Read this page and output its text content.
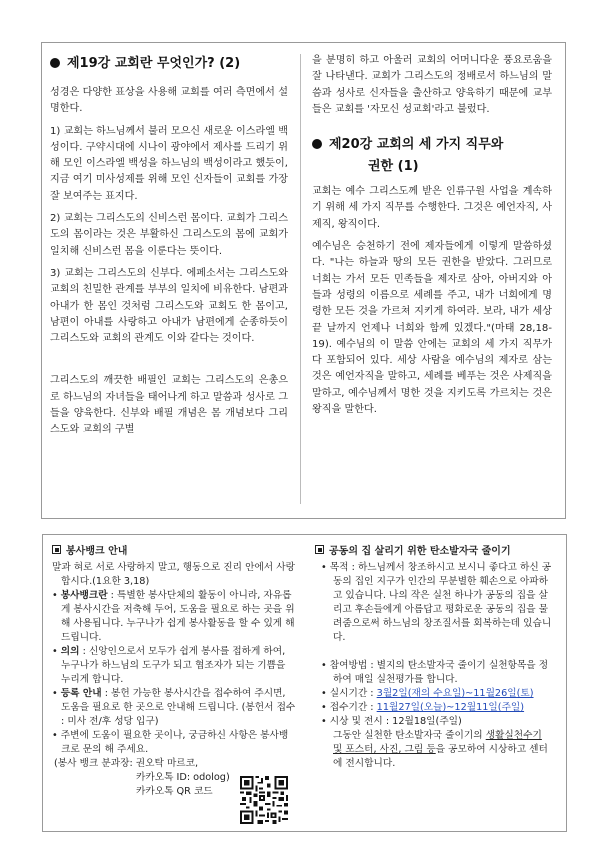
제19강 교회란 무엇인가? (2)

성경은 다양한 표상을 사용해 교회를 여러 측면에서 설명한다.

1) 교회는 하느님께서 불러 모으신 새로운 이스라엘 백성이다. 구약시대에 시나이 광야에서 제사를 드리기 위해 모인 이스라엘 백성을 하느님의 백성이라고 했듯이, 지금 여기 미사성제를 위해 모인 신자들이 교회를 가장 잘 보여주는 표지다.

2) 교회는 그리스도의 신비스런 몸이다. 교회가 그리스도의 몸이라는 것은 부활하신 그리스도의 몸에 교회가 일치해 신비스런 몸을 이룬다는 뜻이다.

3) 교회는 그리스도의 신부다. 에페소서는 그리스도와 교회의 친밀한 관계를 부부의 일치에 비유한다. 남편과 아내가 한 몸인 것처럼 그리스도와 교회도 한 몸이고, 남편이 아내를 사랑하고 아내가 남편에게 순종하듯이 그리스도와 교회의 관계도 이와 같다는 것이다.

그리스도의 깨끗한 배필인 교회는 그리스도의 은총으로 하느님의 자녀들을 태어나게 하고 말씀과 성사로 그들을 양육한다. 신부와 배필 개념은 몸 개념보다 그리스도와 교회의 구별

을 분명히 하고 아울러 교회의 어머니다운 풍요로움을 잘 나타낸다. 교회가 그리스도의 정배로서 하느님의 말씀과 성사로 신자들을 출산하고 양육하기 때문에 교부들은 교회를 '자모신 성교회'라고 불렀다.

제20강 교회의 세 가지 직무와
권한 (1)

교회는 예수 그리스도께 받은 인류구원 사업을 계속하기 위해 세 가지 직무를 수행한다. 그것은 예언자직, 사제직, 왕직이다.

예수님은 승천하기 전에 제자들에게 이렇게 말씀하셨다. "나는 하늘과 땅의 모든 권한을 받았다. 그러므로 너희는 가서 모든 민족들을 제자로 삼아, 아버지와 아들과 성령의 이름으로 세례를 주고, 내가 너희에게 명령한 모든 것을 가르쳐 지키게 하여라. 보라, 내가 세상 끝 날까지 언제나 너희와 함께 있겠다."(마태 28,18-19). 예수님의 이 말씀 안에는 교회의 세 가지 직무가 다 포함되어 있다. 세상 사람을 예수님의 제자로 삼는 것은 예언자직을 말하고, 세례를 베푸는 것은 사제직을 말하고, 예수님께서 명한 것을 지키도록 가르치는 것은 왕직을 말한다.

봉사뱅크 안내
말과 혀로 서로 사랑하지 말고, 행동으로 진리 안에서 사랑합시다.(1요한 3,18)
• 봉사뱅크란 : 특별한 봉사단체의 활동이 아니라, 자유롭게 봉사시간을 저축해 두어, 도움을 필요로 하는 곳을 위해 사용됩니다. 누구나가 쉽게 봉사활동을 할 수 있게 해 드립니다.
• 의의 : 신앙인으로서 모두가 쉽게 봉사를 접하게 하여, 누구나가 하느님의 도구가 되고 협조자가 되는 기쁨을 누리게 합니다.
• 등록 안내 : 봉헌 가능한 봉사시간을 접수하여 주시면, 도움을 필요로 한 곳으로 안내해 드립니다. (봉헌서 접수 : 미사 전/후 성당 입구)
• 주변에 도움이 필요한 곳이나, 궁금하신 사항은 봉사뱅크로 문의 해 주세요.
(봉사 뱅크 분과장: 권오탁 마르코,
카카오톡 ID: odolog)
카카오톡 QR 코드
공동의 집 살리기 위한 탄소발자국 줄이기
• 목적 : 하느님께서 창조하시고 보시니 좋다고 하신 공동의 집인 지구가 인간의 무분별한 훼손으로 아파하고 있습니다. 나의 작은 실천 하나가 공동의 집을 살리고 후손들에게 아름답고 평화로운 공동의 집을 물려줌으로써 하느님의 창조질서를 회복하는데 있습니다.
• 참여방법 : 별지의 탄소발자국 줄이기 실천항목을 정하여 매일 실천평가를 합니다.
• 실시기간 : 3월2일(재의 수요일)~11월26일(토)
• 접수기간 : 11월27일(오늘)~12월11일(주일)
• 시상 및 전시 : 12월18일(주일)
그동안 실천한 탄소발자국 줄이기의 생활실천수기 및 포스터, 사진, 그림 등을 공모하여 시상하고 센터에 전시합니다.
